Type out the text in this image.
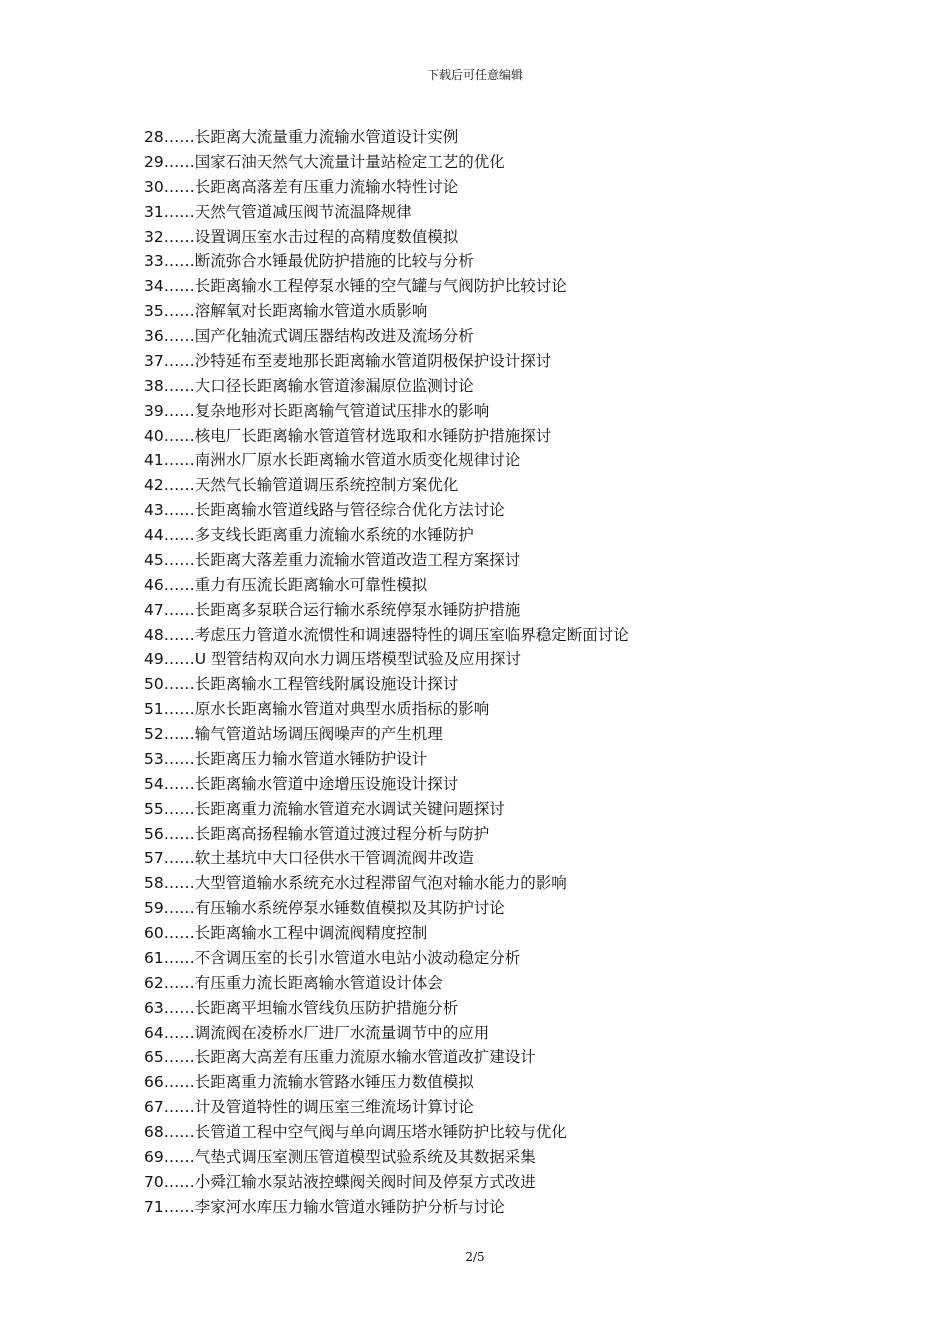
下载后可任意编辑
28……长距离大流量重力流输水管道设计实例
29……国家石油天然气大流量计量站检定工艺的优化
30……长距离高落差有压重力流输水特性讨论
31……天然气管道减压阀节流温降规律
32……设置调压室水击过程的高精度数值模拟
33……断流弥合水锤最优防护措施的比较与分析
34……长距离输水工程停泵水锤的空气罐与气阀防护比较讨论
35……溶解氧对长距离输水管道水质影响
36……国产化轴流式调压器结构改进及流场分析
37……沙特延布至麦地那长距离输水管道阴极保护设计探讨
38……大口径长距离输水管道渗漏原位监测讨论
39……复杂地形对长距离输气管道试压排水的影响
40……核电厂长距离输水管道管材选取和水锤防护措施探讨
41……南洲水厂原水长距离输水管道水质变化规律讨论
42……天然气长输管道调压系统控制方案优化
43……长距离输水管道线路与管径综合优化方法讨论
44……多支线长距离重力流输水系统的水锤防护
45……长距离大落差重力流输水管道改造工程方案探讨
46……重力有压流长距离输水可靠性模拟
47……长距离多泵联合运行输水系统停泵水锤防护措施
48……考虑压力管道水流惯性和调速器特性的调压室临界稳定断面讨论
49……U 型管结构双向水力调压塔模型试验及应用探讨
50……长距离输水工程管线附属设施设计探讨
51……原水长距离输水管道对典型水质指标的影响
52……输气管道站场调压阀噪声的产生机理
53……长距离压力输水管道水锤防护设计
54……长距离输水管道中途增压设施设计探讨
55……长距离重力流输水管道充水调试关键问题探讨
56……长距离高扬程输水管道过渡过程分析与防护
57……软土基坑中大口径供水干管调流阀井改造
58……大型管道输水系统充水过程滞留气泡对输水能力的影响
59……有压输水系统停泵水锤数值模拟及其防护讨论
60……长距离输水工程中调流阀精度控制
61……不含调压室的长引水管道水电站小波动稳定分析
62……有压重力流长距离输水管道设计体会
63……长距离平坦输水管线负压防护措施分析
64……调流阀在凌桥水厂进厂水流量调节中的应用
65……长距离大高差有压重力流原水输水管道改扩建设计
66……长距离重力流输水管路水锤压力数值模拟
67……计及管道特性的调压室三维流场计算讨论
68……长管道工程中空气阀与单向调压塔水锤防护比较与优化
69……气垫式调压室测压管道模型试验系统及其数据采集
70……小舜江输水泵站液控蝶阀关阀时间及停泵方式改进
71……李家河水库压力输水管道水锤防护分析与讨论
2/5
